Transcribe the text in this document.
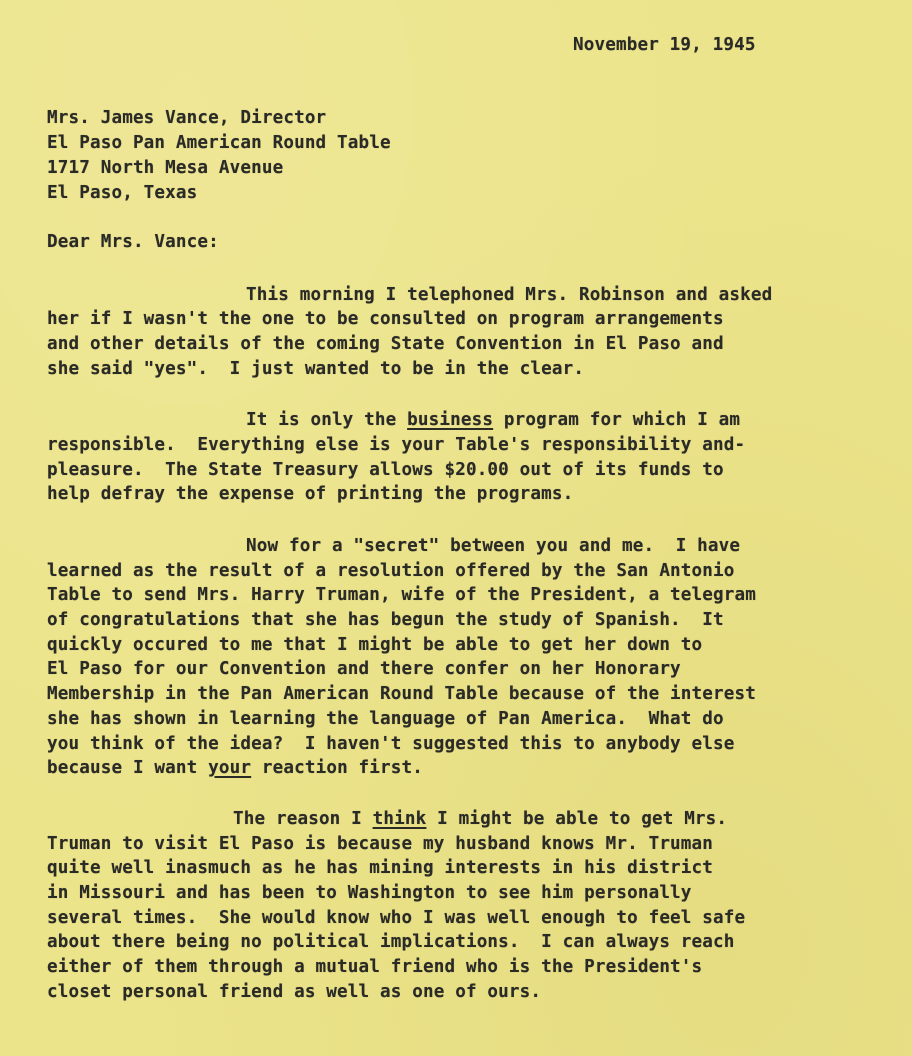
November 19, 1945
Mrs. James Vance, Director
El Paso Pan American Round Table
1717 North Mesa Avenue
El Paso, Texas
Dear Mrs. Vance:
This morning I telephoned Mrs. Robinson and asked
her if I wasn't the one to be consulted on program arrangements
and other details of the coming State Convention in El Paso and
she said "yes".  I just wanted to be in the clear.
It is only the business program for which I am
responsible.  Everything else is your Table's responsibility and-
pleasure.  The State Treasury allows $20.00 out of its funds to
help defray the expense of printing the programs.
Now for a "secret" between you and me.  I have
learned as the result of a resolution offered by the San Antonio
Table to send Mrs. Harry Truman, wife of the President, a telegram
of congratulations that she has begun the study of Spanish.  It
quickly occured to me that I might be able to get her down to
El Paso for our Convention and there confer on her Honorary
Membership in the Pan American Round Table because of the interest
she has shown in learning the language of Pan America.  What do
you think of the idea?  I haven't suggested this to anybody else
because I want your reaction first.
The reason I think I might be able to get Mrs.
Truman to visit El Paso is because my husband knows Mr. Truman
quite well inasmuch as he has mining interests in his district
in Missouri and has been to Washington to see him personally
several times.  She would know who I was well enough to feel safe
about there being no political implications.  I can always reach
either of them through a mutual friend who is the President's
closet personal friend as well as one of ours.
